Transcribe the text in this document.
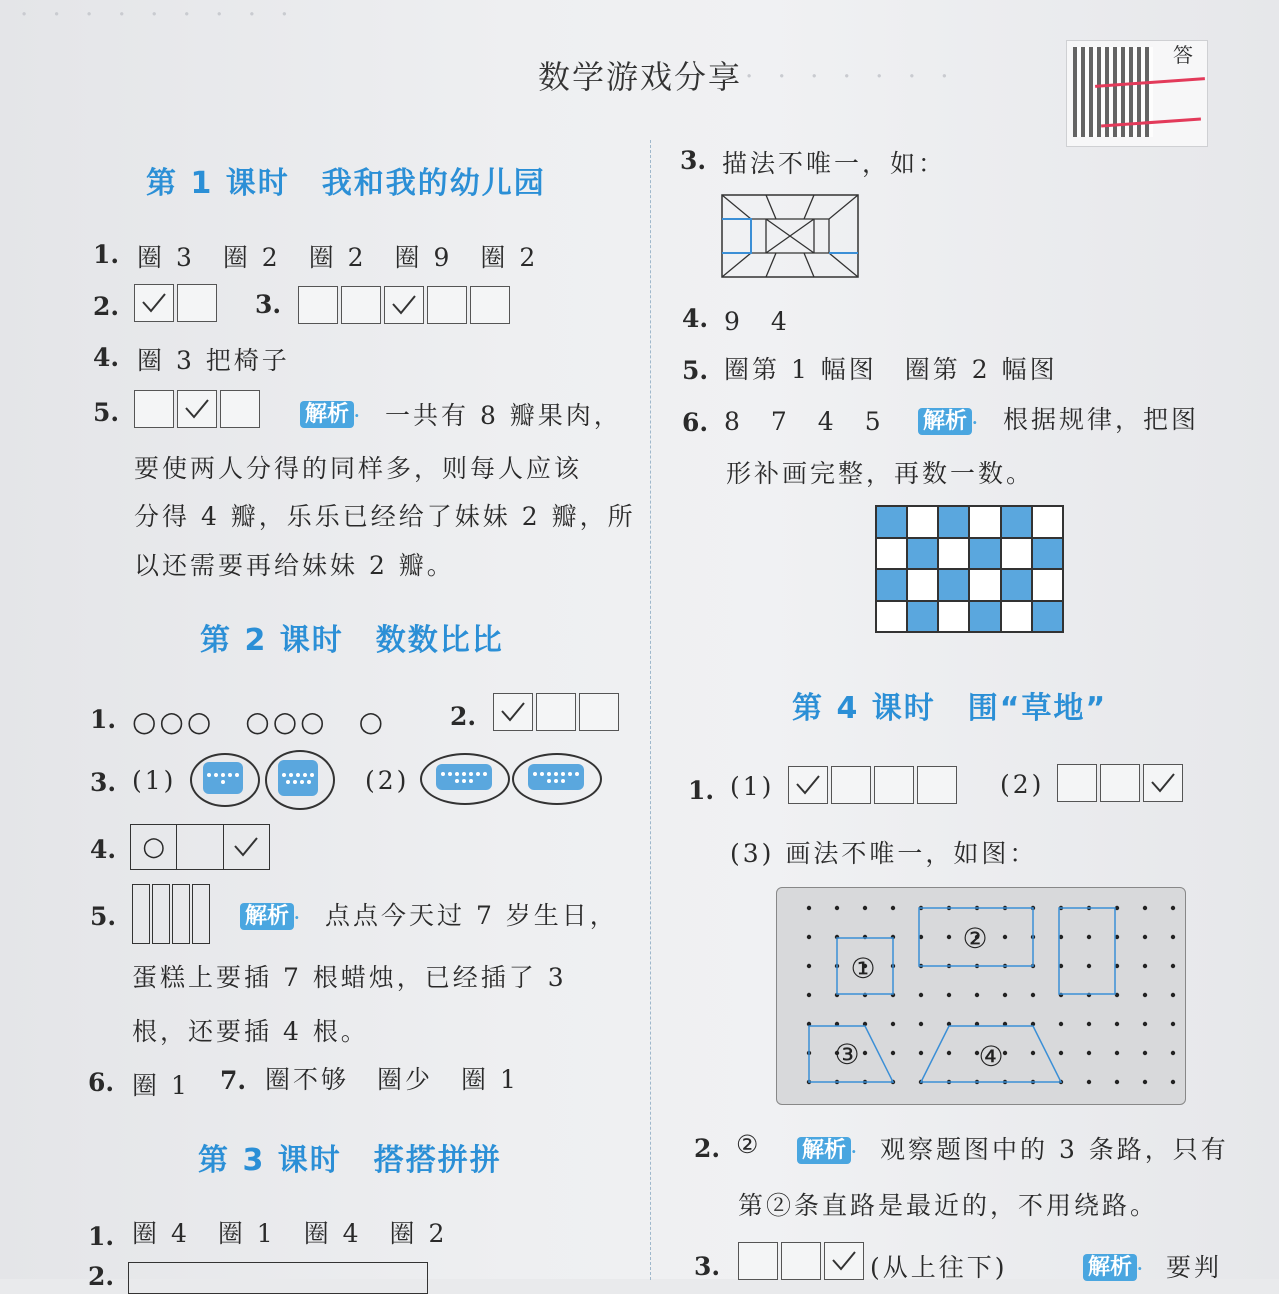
· · · · · · · · ·
· · · · · · · · ·
数学游戏分享
答
第 1 课时　我和我的幼儿园
1. 圈 3　圈 2　圈 2　圈 9　圈 2
2.	3.
4. 圈 3 把椅子
5.	解析 · 一共有 8 瓣果肉，
要使两人分得的同样多，则每人应该
分得 4 瓣，乐乐已经给了妹妹 2 瓣，所
以还需要再给妹妹 2 瓣。
第 2 课时　数数比比
1. ○○○　○○○　○	2.
3. (1)	(2)
4.	○
5.	解析 · 点点今天过 7 岁生日，
蛋糕上要插 7 根蜡烛，已经插了 3
根，还要插 4 根。
6. 圈 1 7. 圈不够　圈少　圈 1
第 3 课时　搭搭拼拼
1. 圈 4　圈 1　圈 4　圈 2
2.
3. 描法不唯一，如：
4. 9　4
5. 圈第 1 幅图　圈第 2 幅图
6. 8　7　4　5 解析 · 根据规律，把图
形补画完整，再数一数。
第 4 课时　围“草地”
1. (1)	(2)
(3) 画法不唯一，如图：
①
②
③	④
2. ② 解析 · 观察题图中的 3 条路，只有
第②条直路是最近的，不用绕路。
3.	(从上往下)	解析 · 要判
